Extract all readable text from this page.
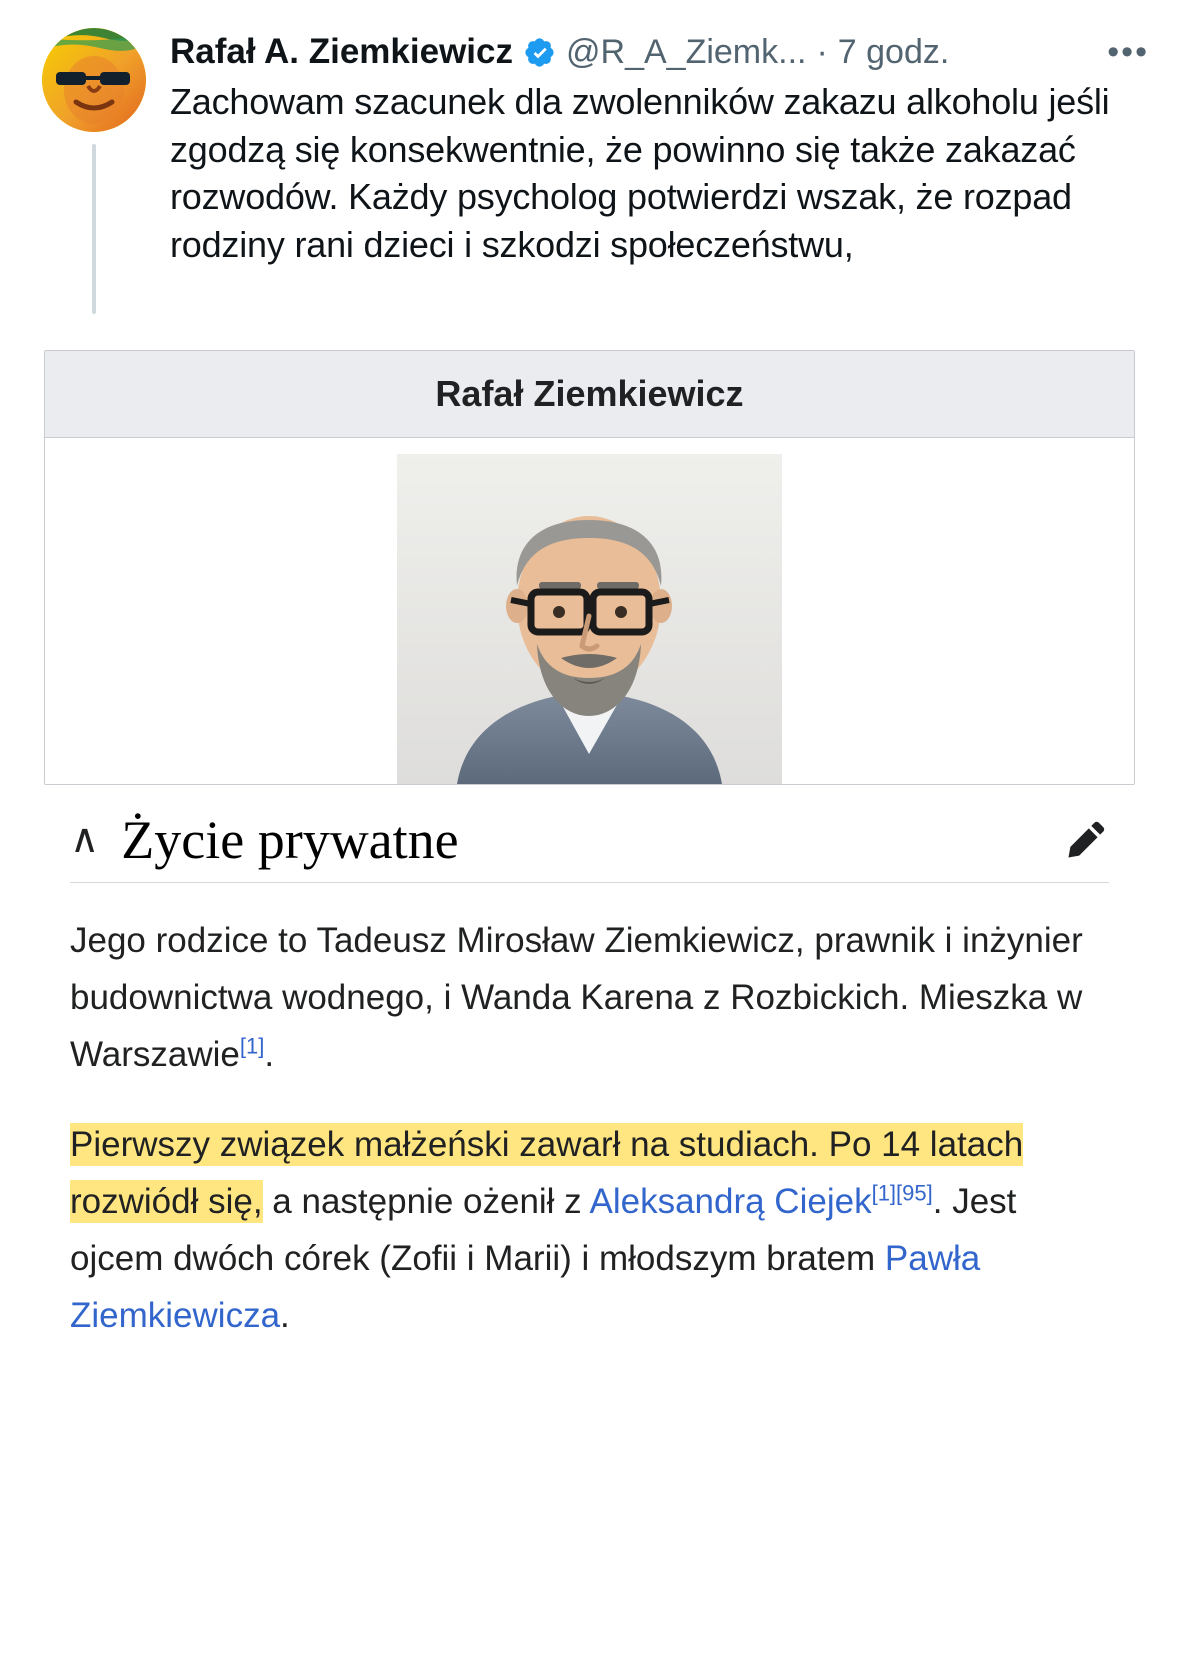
Rafał A. Ziemkiewicz @R_A_Ziemk... · 7 godz.	•••
Zachowam szacunek dla zwolenników zakazu alkoholu jeśli zgodzą się konsekwentnie, że powinno się także zakazać rozwodów. Każdy psycholog potwierdzi wszak, że rozpad rodziny rani dzieci i szkodzi społeczeństwu,
Rafał Ziemkiewicz
∧ Życie prywatne

Jego rodzice to Tadeusz Mirosław Ziemkiewicz, prawnik i inżynier budownictwa wodnego, i Wanda Karena z Rozbickich. Mieszka w Warszawie[1].

Pierwszy związek małżeński zawarł na studiach. Po 14 latach rozwiódł się, a następnie ożenił z Aleksandrą Ciejek[1][95]. Jest ojcem dwóch córek (Zofii i Marii) i młodszym bratem Pawła Ziemkiewicza.
